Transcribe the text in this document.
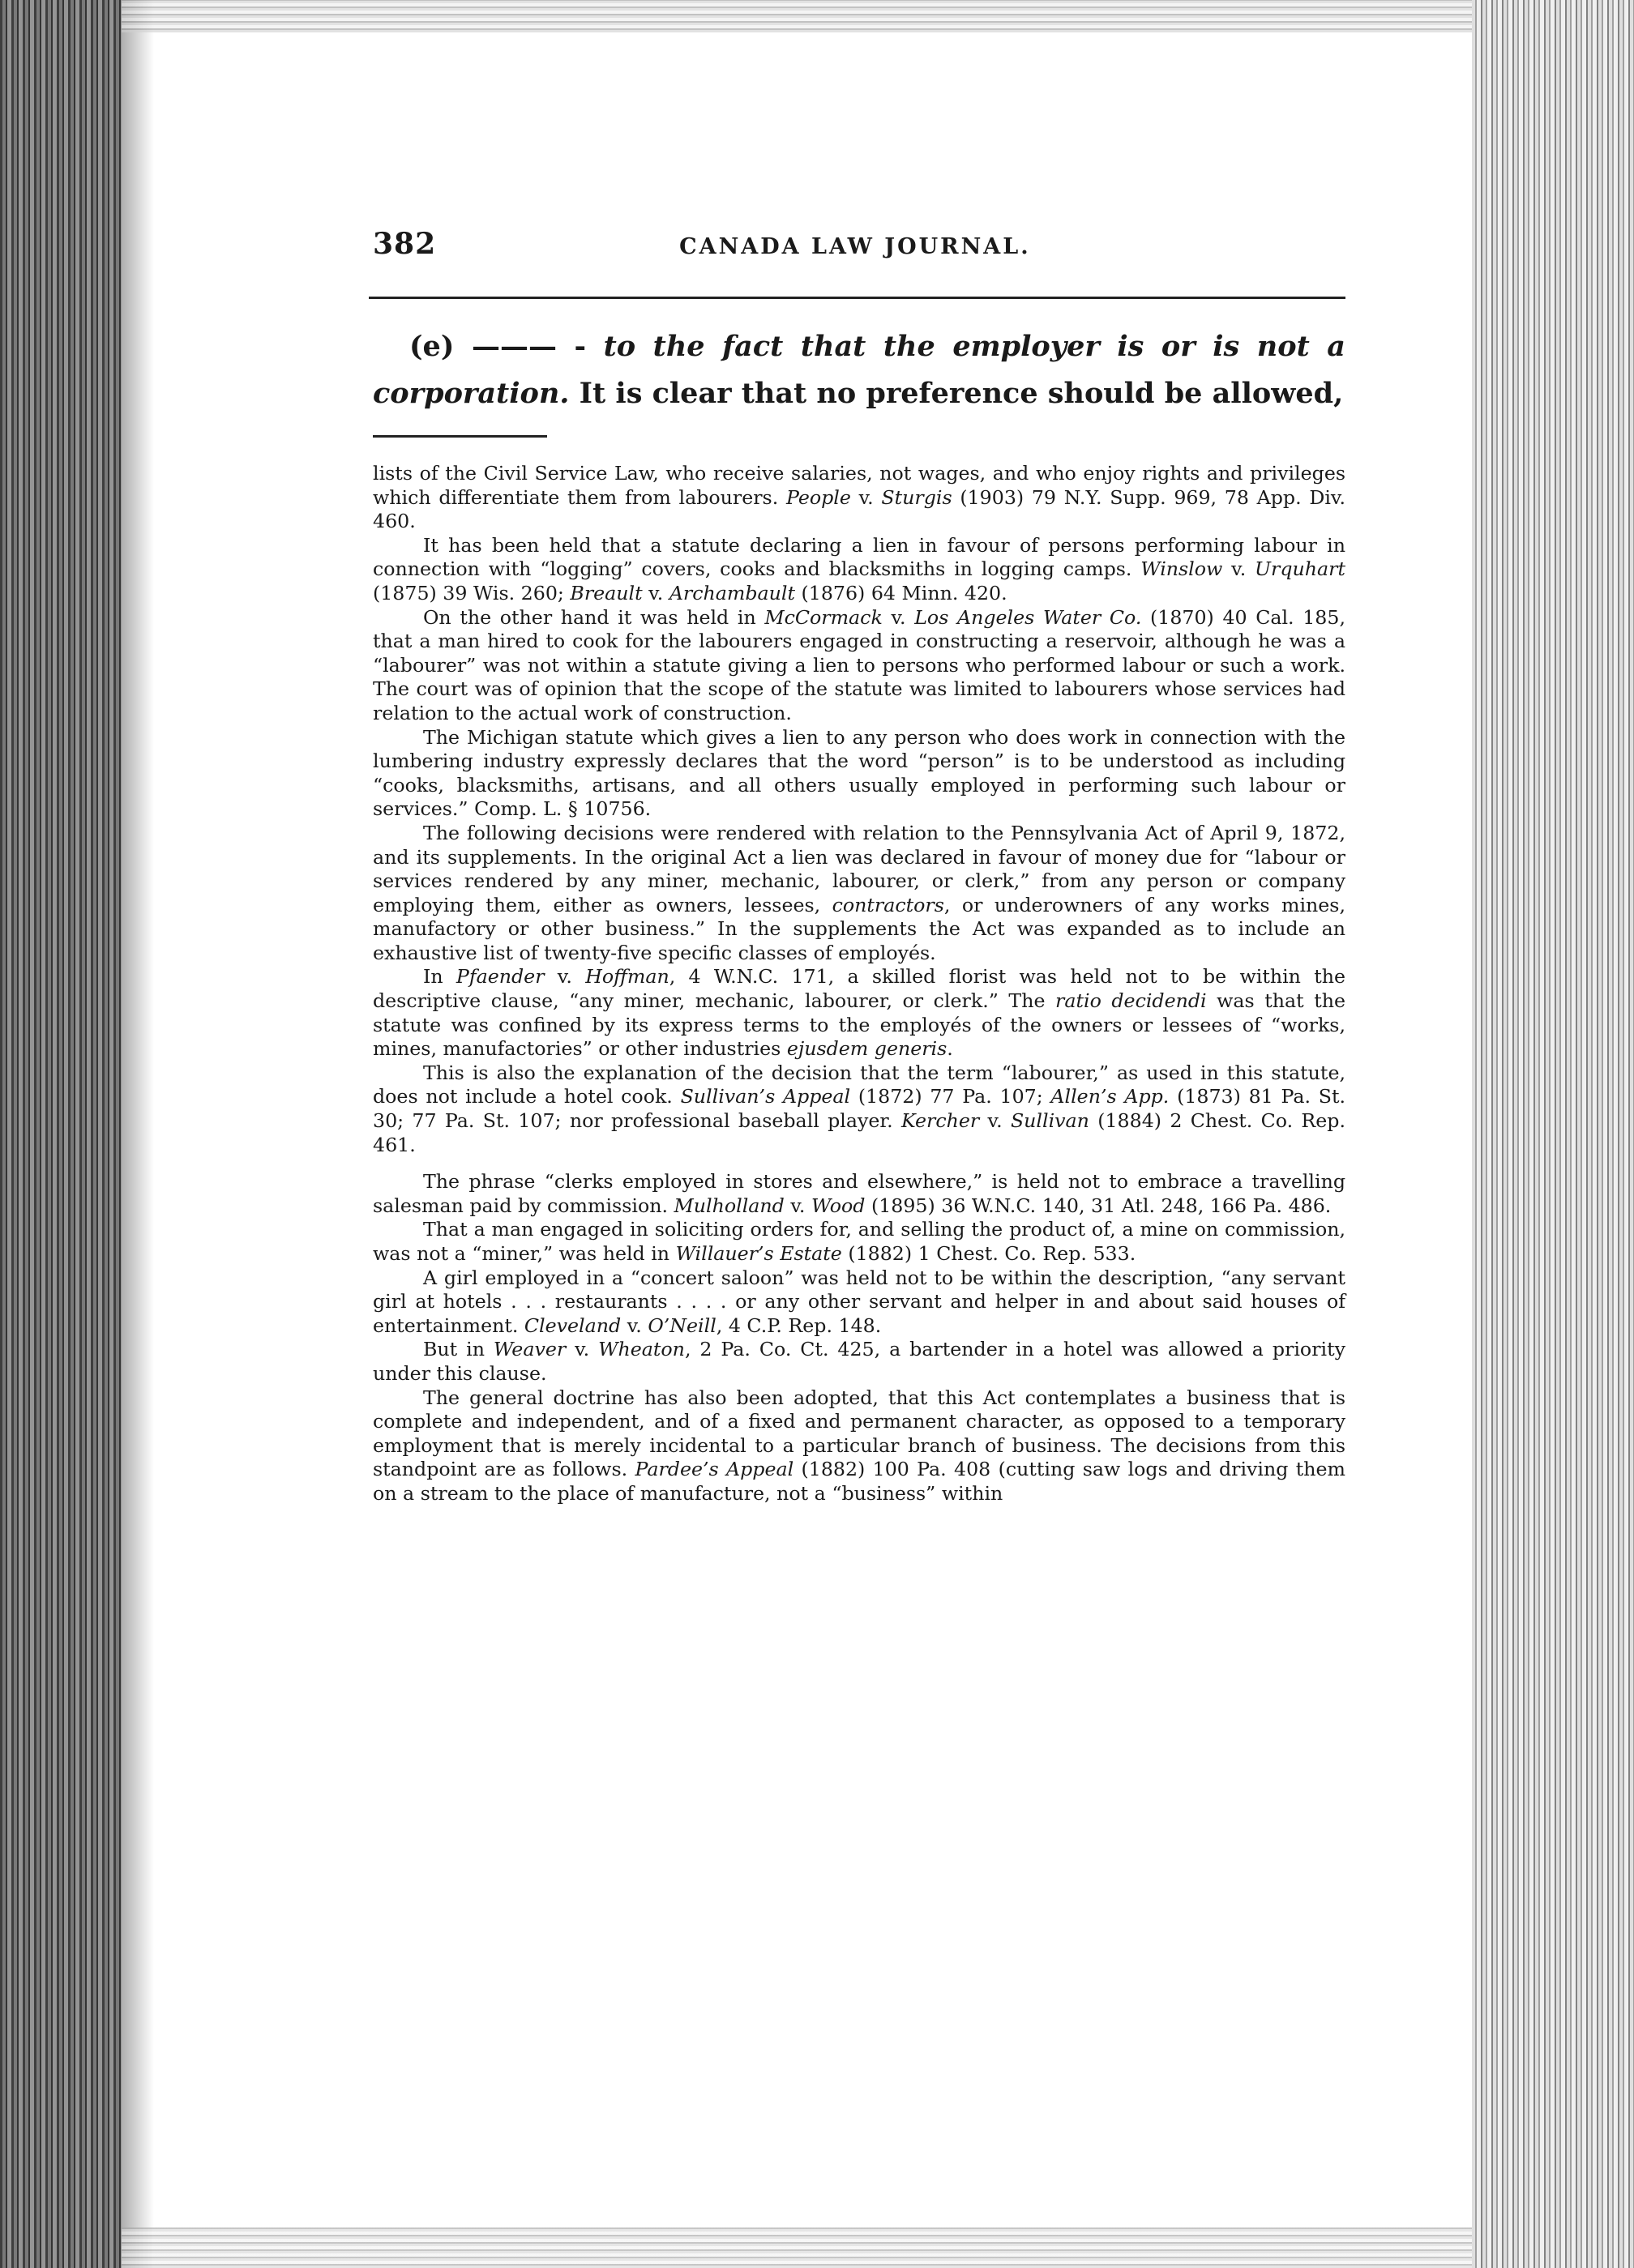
382	CANADA LAW JOURNAL.

(e) ——— - to the fact that the employer is or is not a corporation. It is clear that no preference should be allowed,

lists of the Civil Service Law, who receive salaries, not wages, and who enjoy rights and privileges which differentiate them from labourers. People v. Sturgis (1903) 79 N.Y. Supp. 969, 78 App. Div. 460.

It has been held that a statute declaring a lien in favour of persons performing labour in connection with “logging” covers, cooks and blacksmiths in logging camps. Winslow v. Urquhart (1875) 39 Wis. 260; Breault v. Archambault (1876) 64 Minn. 420.

On the other hand it was held in McCormack v. Los Angeles Water Co. (1870) 40 Cal. 185, that a man hired to cook for the labourers engaged in constructing a reservoir, although he was a “labourer” was not within a statute giving a lien to persons who performed labour or such a work. The court was of opinion that the scope of the statute was limited to labourers whose services had relation to the actual work of construction.

The Michigan statute which gives a lien to any person who does work in connection with the lumbering industry expressly declares that the word “person” is to be understood as including “cooks, blacksmiths, artisans, and all others usually employed in performing such labour or services.” Comp. L. § 10756.

The following decisions were rendered with relation to the Pennsylvania Act of April 9, 1872, and its supplements. In the original Act a lien was declared in favour of money due for “labour or services rendered by any miner, mechanic, labourer, or clerk,” from any person or company employing them, either as owners, lessees, contractors, or underowners of any works mines, manufactory or other business.” In the supplements the Act was expanded as to include an exhaustive list of twenty-five specific classes of employés.

In Pfaender v. Hoffman, 4 W.N.C. 171, a skilled florist was held not to be within the descriptive clause, “any miner, mechanic, labourer, or clerk.” The ratio decidendi was that the statute was confined by its express terms to the employés of the owners or lessees of “works, mines, manufactories” or other industries ejusdem generis.

This is also the explanation of the decision that the term “labourer,” as used in this statute, does not include a hotel cook. Sullivan’s Appeal (1872) 77 Pa. 107; Allen’s App. (1873) 81 Pa. St. 30; 77 Pa. St. 107; nor professional baseball player. Kercher v. Sullivan (1884) 2 Chest. Co. Rep. 461.

The phrase “clerks employed in stores and elsewhere,” is held not to embrace a travelling salesman paid by commission. Mulholland v. Wood (1895) 36 W.N.C. 140, 31 Atl. 248, 166 Pa. 486.

That a man engaged in soliciting orders for, and selling the product of, a mine on commission, was not a “miner,” was held in Willauer’s Estate (1882) 1 Chest. Co. Rep. 533.

A girl employed in a “concert saloon” was held not to be within the description, “any servant girl at hotels . . . restaurants . . . . or any other servant and helper in and about said houses of entertainment. Cleveland v. O’Neill, 4 C.P. Rep. 148.

But in Weaver v. Wheaton, 2 Pa. Co. Ct. 425, a bartender in a hotel was allowed a priority under this clause.

The general doctrine has also been adopted, that this Act contemplates a business that is complete and independent, and of a fixed and permanent character, as opposed to a temporary employment that is merely incidental to a particular branch of business. The decisions from this standpoint are as follows. Pardee’s Appeal (1882) 100 Pa. 408 (cutting saw logs and driving them on a stream to the place of manufacture, not a “business” within
